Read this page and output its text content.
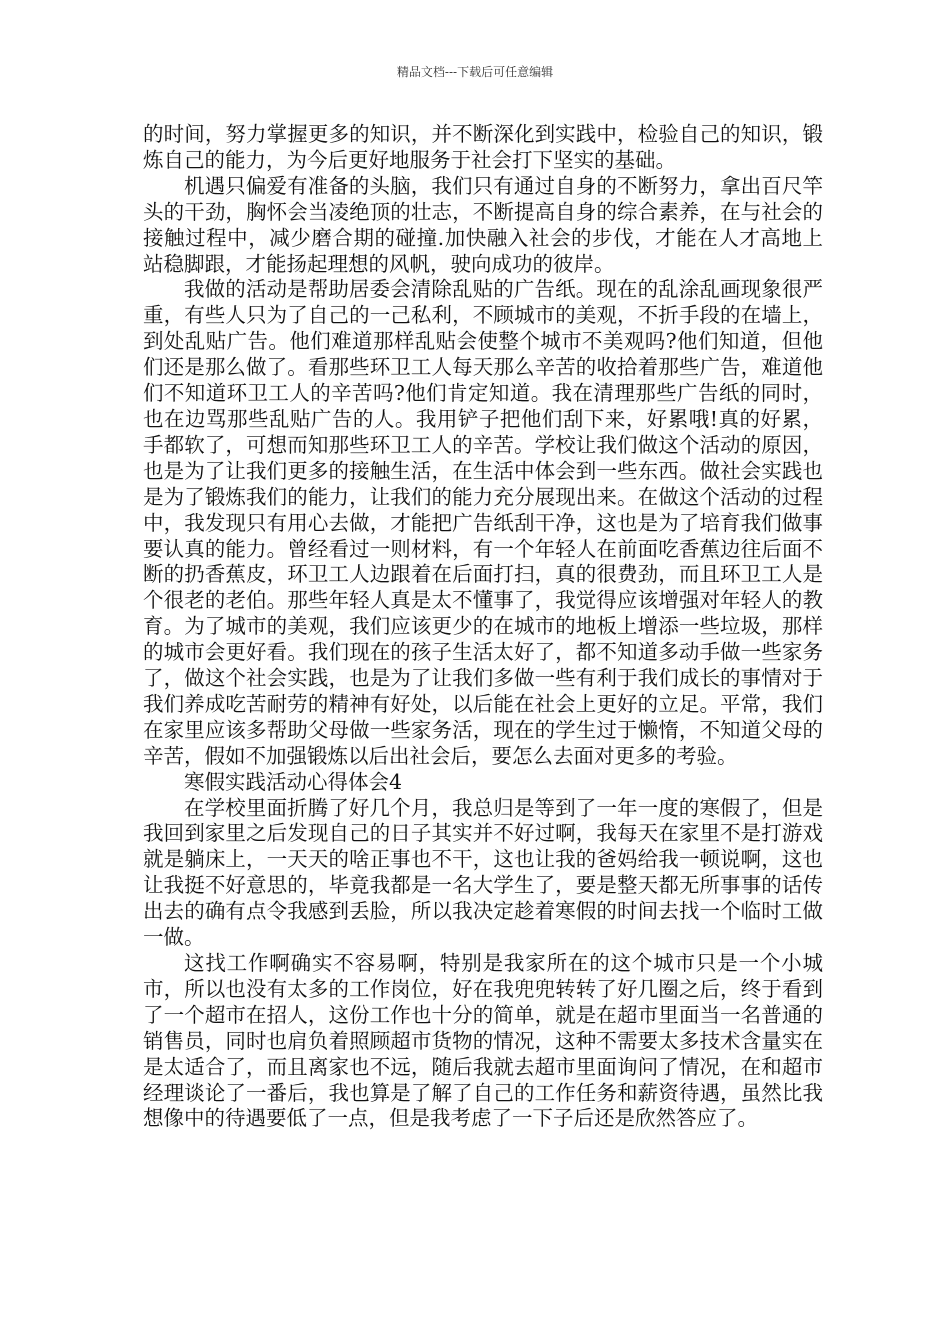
精品文档---下载后可任意编辑

的时间，努力掌握更多的知识，并不断深化到实践中，检验自己的知识，锻炼自己的能力，为今后更好地服务于社会打下坚实的基础。

机遇只偏爱有准备的头脑，我们只有通过自身的不断努力，拿出百尺竿头的干劲，胸怀会当凌绝顶的壮志，不断提高自身的综合素养，在与社会的接触过程中，减少磨合期的碰撞.加快融入社会的步伐，才能在人才高地上站稳脚跟，才能扬起理想的风帆，驶向成功的彼岸。

我做的活动是帮助居委会清除乱贴的广告纸。现在的乱涂乱画现象很严重，有些人只为了自己的一己私利，不顾城市的美观，不折手段的在墙上，到处乱贴广告。他们难道那样乱贴会使整个城市不美观吗?他们知道，但他们还是那么做了。看那些环卫工人每天那么辛苦的收拾着那些广告，难道他们不知道环卫工人的辛苦吗?他们肯定知道。我在清理那些广告纸的同时，也在边骂那些乱贴广告的人。我用铲子把他们刮下来，好累哦!真的好累，手都软了，可想而知那些环卫工人的辛苦。学校让我们做这个活动的原因，也是为了让我们更多的接触生活，在生活中体会到一些东西。做社会实践也是为了锻炼我们的能力，让我们的能力充分展现出来。在做这个活动的过程中，我发现只有用心去做，才能把广告纸刮干净，这也是为了培育我们做事要认真的能力。曾经看过一则材料，有一个年轻人在前面吃香蕉边往后面不断的扔香蕉皮，环卫工人边跟着在后面打扫，真的很费劲，而且环卫工人是个很老的老伯。那些年轻人真是太不懂事了，我觉得应该增强对年轻人的教育。为了城市的美观，我们应该更少的在城市的地板上增添一些垃圾，那样的城市会更好看。我们现在的孩子生活太好了，都不知道多动手做一些家务了，做这个社会实践，也是为了让我们多做一些有利于我们成长的事情对于我们养成吃苦耐劳的精神有好处，以后能在社会上更好的立足。平常，我们在家里应该多帮助父母做一些家务活，现在的学生过于懒惰，不知道父母的辛苦，假如不加强锻炼以后出社会后，要怎么去面对更多的考验。

寒假实践活动心得体会4

在学校里面折腾了好几个月，我总归是等到了一年一度的寒假了，但是我回到家里之后发现自己的日子其实并不好过啊，我每天在家里不是打游戏就是躺床上，一天天的啥正事也不干，这也让我的爸妈给我一顿说啊，这也让我挺不好意思的，毕竟我都是一名大学生了，要是整天都无所事事的话传出去的确有点令我感到丢脸，所以我决定趁着寒假的时间去找一个临时工做一做。

这找工作啊确实不容易啊，特别是我家所在的这个城市只是一个小城市，所以也没有太多的工作岗位，好在我兜兜转转了好几圈之后，终于看到了一个超市在招人，这份工作也十分的简单，就是在超市里面当一名普通的销售员，同时也肩负着照顾超市货物的情况，这种不需要太多技术含量实在是太适合了，而且离家也不远，随后我就去超市里面询问了情况，在和超市经理谈论了一番后，我也算是了解了自己的工作任务和薪资待遇，虽然比我想像中的待遇要低了一点，但是我考虑了一下子后还是欣然答应了。
